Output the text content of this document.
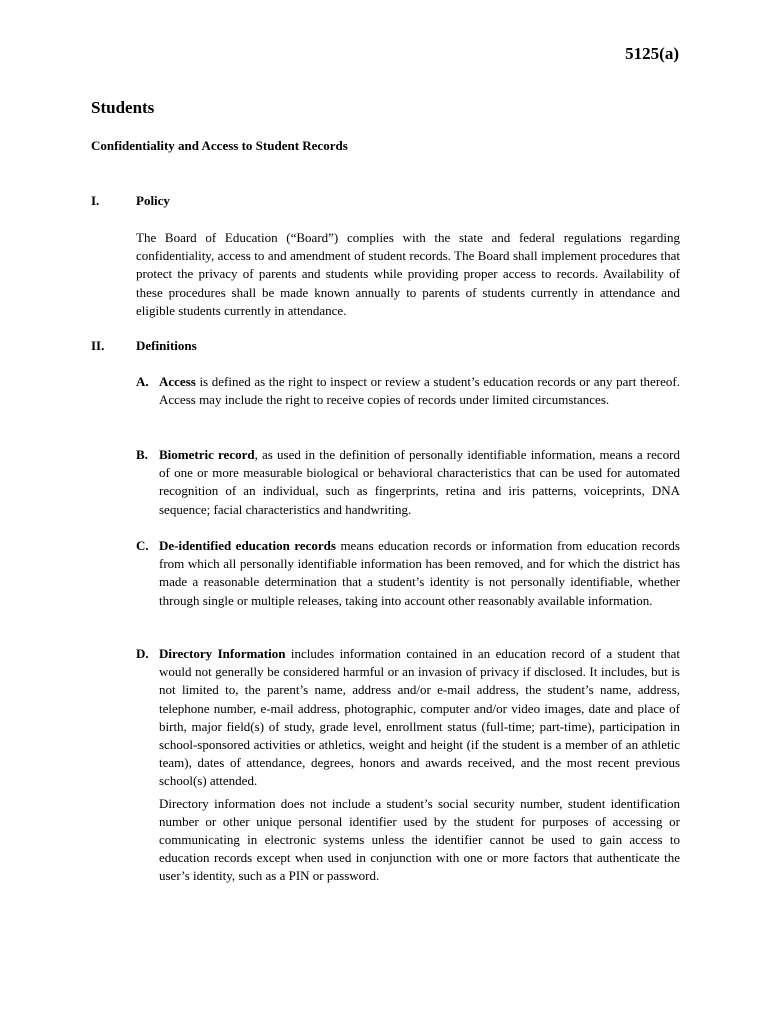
5125(a)
Students
Confidentiality and Access to Student Records
I.	Policy
The Board of Education (“Board”) complies with the state and federal regulations regarding confidentiality, access to and amendment of student records. The Board shall implement procedures that protect the privacy of parents and students while providing proper access to records. Availability of these procedures shall be made known annually to parents of students currently in attendance and eligible students currently in attendance.
II. Definitions
A. Access is defined as the right to inspect or review a student’s education records or any part thereof. Access may include the right to receive copies of records under limited circumstances.
B. Biometric record, as used in the definition of personally identifiable information, means a record of one or more measurable biological or behavioral characteristics that can be used for automated recognition of an individual, such as fingerprints, retina and iris patterns, voiceprints, DNA sequence; facial characteristics and handwriting.
C. De-identified education records means education records or information from education records from which all personally identifiable information has been removed, and for which the district has made a reasonable determination that a student’s identity is not personally identifiable, whether through single or multiple releases, taking into account other reasonably available information.
D. Directory Information includes information contained in an education record of a student that would not generally be considered harmful or an invasion of privacy if disclosed. It includes, but is not limited to, the parent’s name, address and/or e-mail address, the student’s name, address, telephone number, e-mail address, photographic, computer and/or video images, date and place of birth, major field(s) of study, grade level, enrollment status (full-time; part-time), participation in school-sponsored activities or athletics, weight and height (if the student is a member of an athletic team), dates of attendance, degrees, honors and awards received, and the most recent previous school(s) attended.
Directory information does not include a student’s social security number, student identification number or other unique personal identifier used by the student for purposes of accessing or communicating in electronic systems unless the identifier cannot be used to gain access to education records except when used in conjunction with one or more factors that authenticate the user’s identity, such as a PIN or password.
